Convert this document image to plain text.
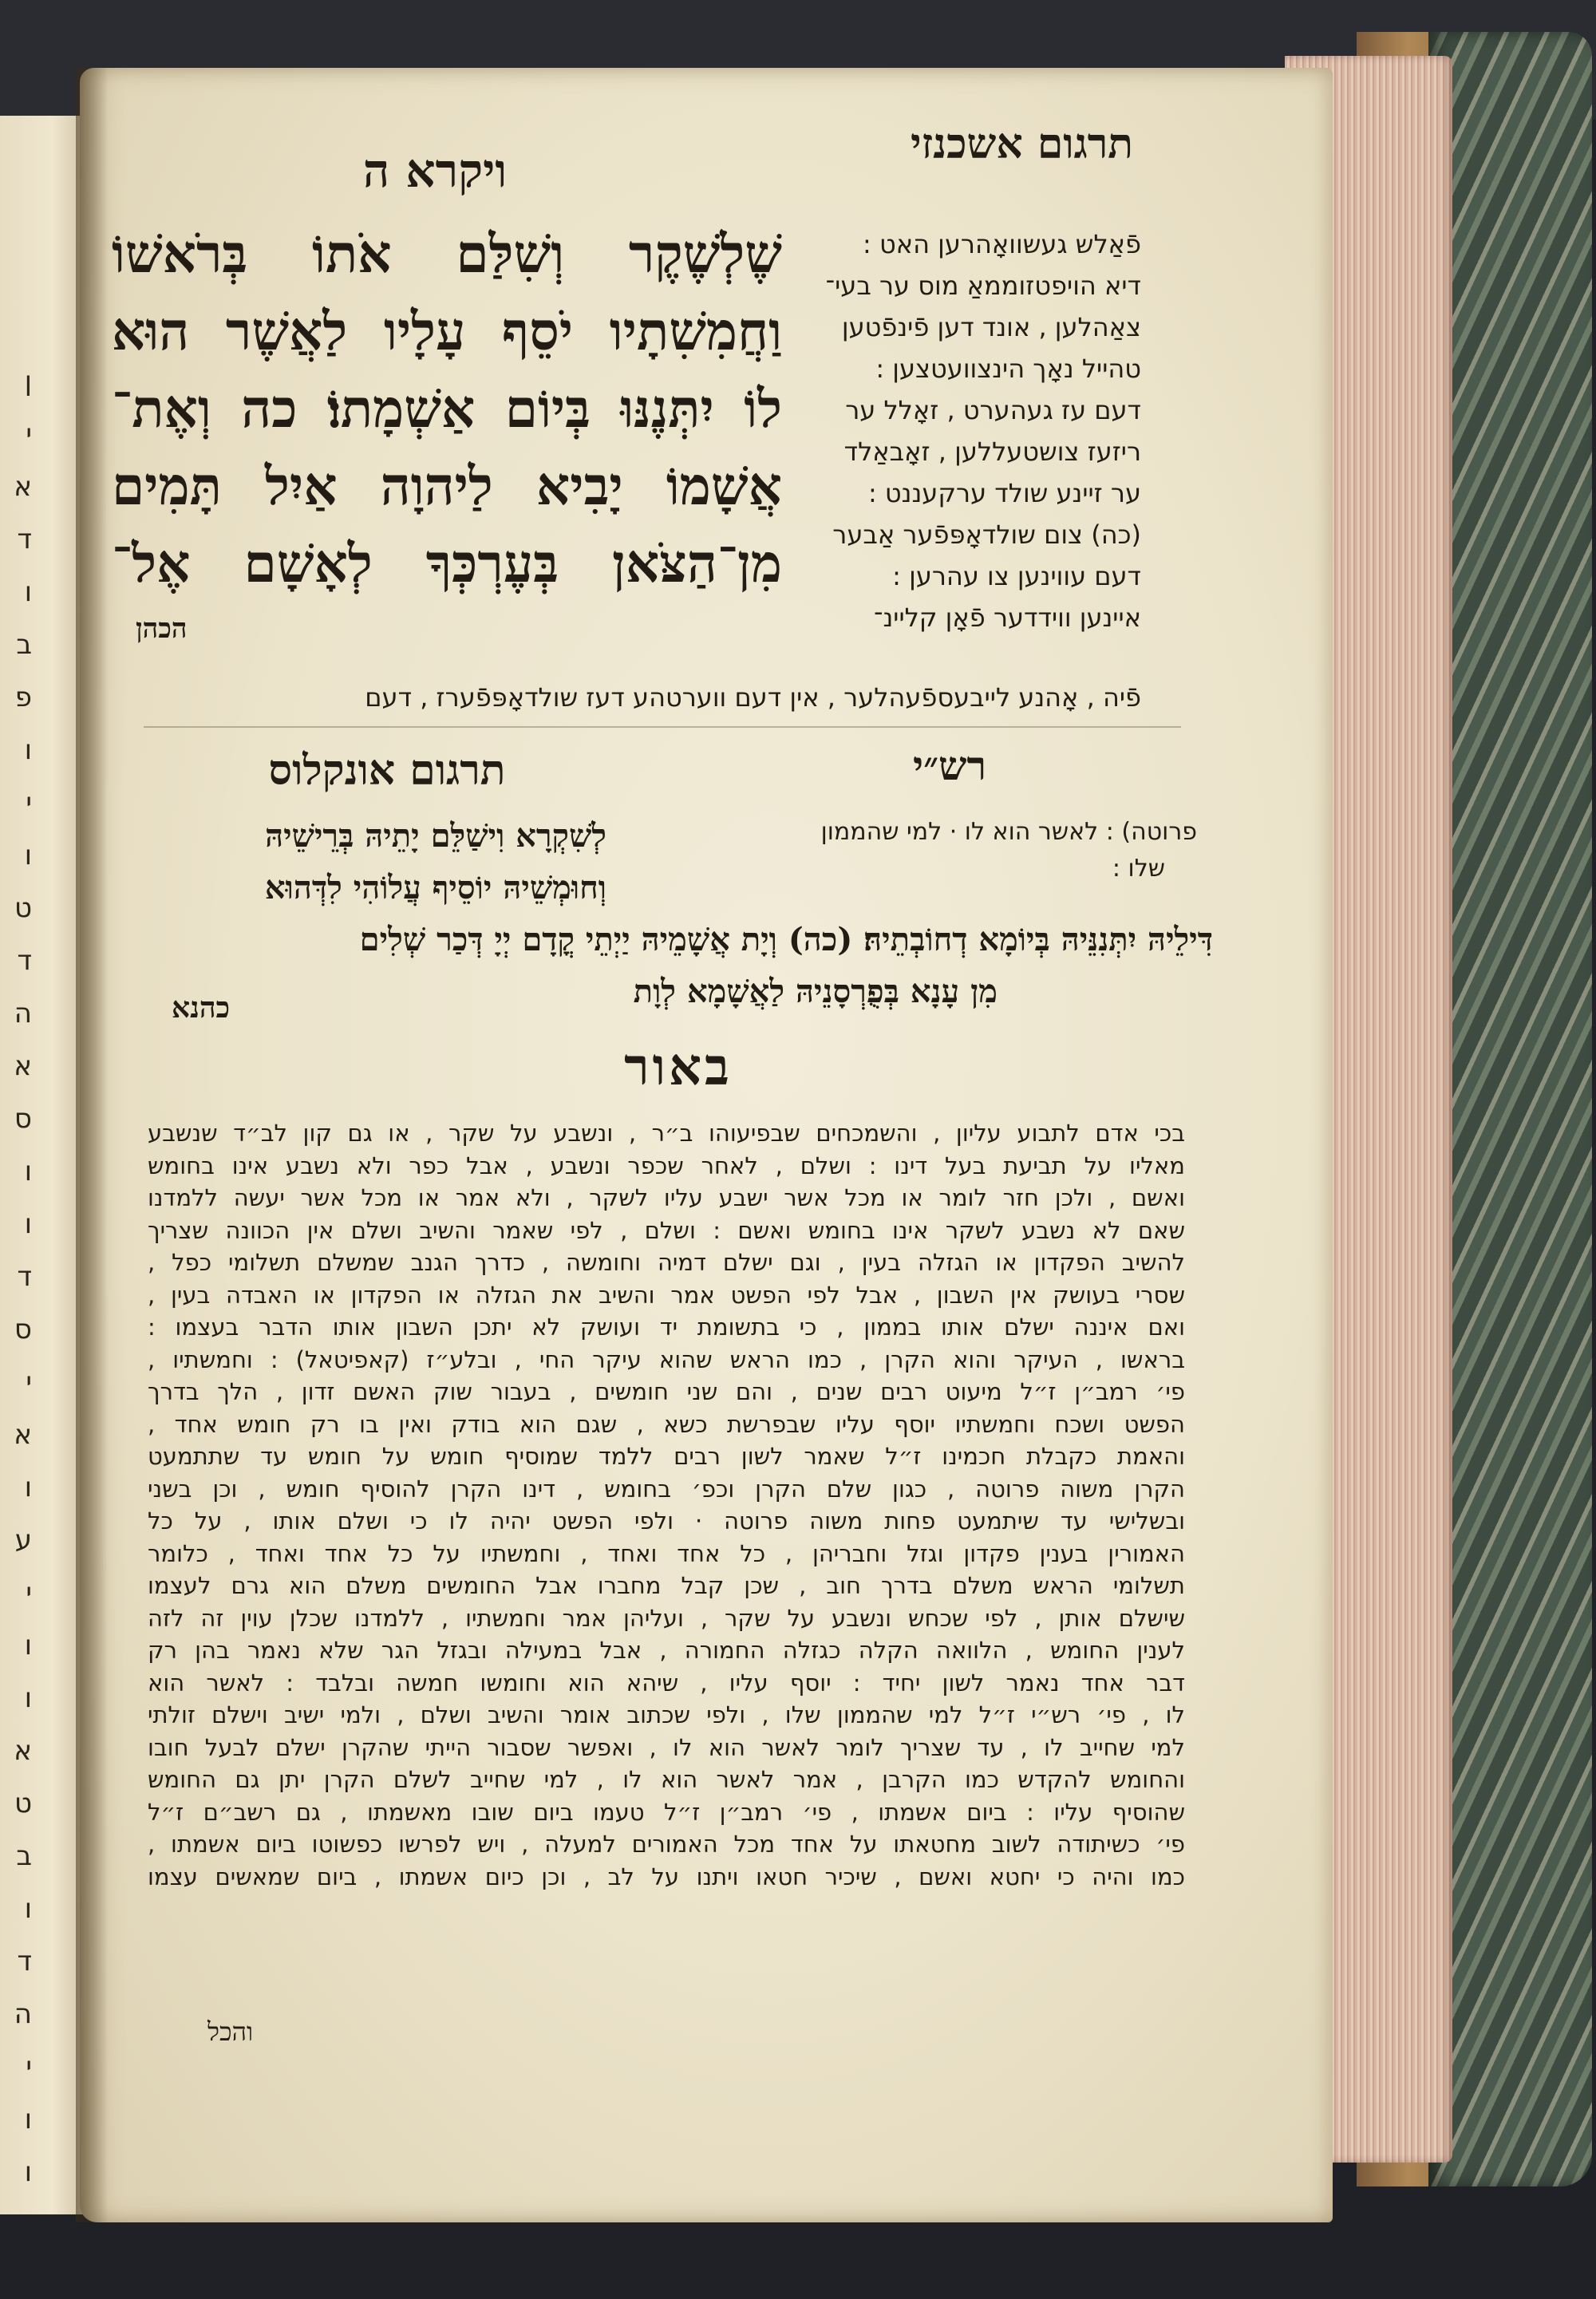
ן
י
א
ד
ו
ב
פ
ו
י
ו
ט
ד
ה
א
ס
ו
ו
ד
ס
י
א
ו
ע
י
ו
ו
א
ט
ב
ו
ד
ה
י
ו
ו
תרגום אשכנזי
ויקרא ה
שֶׁלְשֶׁקֶר וְשִׁלַּם אֹתוֹ בְּרֹאשׁוֹ
וַחֲמִשִׁתָיו יֹסֵף עָלָיו לַאֲשֶׁר הוּא
לוֹ יִתְּנֶנּוּ בְּיוֹם אַשְׁמָתוֹ׃ כה וְאֶת־
אֲשָׁמוֹ יָבִיא לַיהוָה אַיִל תָּמִים
מִן־הַצֹּאן בְּעֶרְכְּךָ לְאָשָׁם אֶל־
הכהן
פֿאַלש געשוואָהרען האט :
דיא הויפטזוממאַ מוס ער בעי־
צאַהלען , אונד דען פֿינפֿטען
טהייל נאָך הינצוועטצען :
דעם עז געהערט , זאָלל ער
ריזעז צושטעללען , זאָבאַלד
ער זיינע שולד ערקעננט :
(כה) צום שולדאָפּפֿער אַבער
דעם עווינען צו עהרען :
איינען ווידדער פֿאָן קליינ־
פֿיה , אָהנע לייבעספֿעהלער , אין דעם ווערטהע דעז שולדאָפּפֿערז , דעם
רש״י
תרגום אונקלוס
פרוטה) : לאשר הוא לו · למי שהממון
שלו :
לְשִׁקְרָא וִישַׁלֵּם יָתֵיהּ בְּרֵישֵׁיהּ
וְחוּמְשֵׁיהּ יוֹסֵיף עֲלוֹהִי לִדְּהוּא
דִּילֵיהּ יִתְּנִנֵּיהּ בְּיוֹמָא דְחוֹבְתֵיהּ׃ (כה) וְיָת אֲשָׁמֵיהּ יַיְתֵי קֳדָם יְיָ דְּכַר שְׁלִים
מִן עָנָא בְּפֻרְסָנֵיהּ לַאֲשָׁמָא לְוָת
כהנא
באור
בכי אדם לתבוע עליון , והשמכחים שבפיעוהו ב״ר , ונשבע על שקר , או גם קון לב״ד שנשבע
מאליו על תביעת בעל דינו : ושלם , לאחר שכפר ונשבע , אבל כפר ולא נשבע אינו בחומש
ואשם , ולכן חזר לומר או מכל אשר ישבע עליו לשקר , ולא אמר או מכל אשר יעשה ללמדנו
שאם לא נשבע לשקר אינו בחומש ואשם : ושלם , לפי שאמר והשיב ושלם אין הכוונה שצריך
להשיב הפקדון או הגזלה בעין , וגם ישלם דמיה וחומשה , כדרך הגנב שמשלם תשלומי כפל ,
שסרי בעושק אין השבון , אבל לפי הפשט אמר והשיב את הגזלה או הפקדון או האבדה בעין ,
ואם איננה ישלם אותו בממון , כי בתשומת יד ועושק לא יתכן השבון אותו הדבר בעצמו :
בראשו , העיקר והוא הקרן , כמו הראש שהוא עיקר החי , ובלע״ז (קאפיטאל) : וחמשתיו ,
פי׳ רמב״ן ז״ל מיעוט רבים שנים , והם שני חומשים , בעבור שוק האשם זדון , הלך בדרך
הפשט ושכח וחמשתיו יוסף עליו שבפרשת כשא , שגם הוא בודק ואין בו רק חומש אחד ,
והאמת כקבלת חכמינו ז״ל שאמר לשון רבים ללמד שמוסיף חומש על חומש עד שתתמעט
הקרן משוה פרוטה , כגון שלם הקרן וכפ׳ בחומש , דינו הקרן להוסיף חומש , וכן בשני
ובשלישי עד שיתמעט פחות משוה פרוטה · ולפי הפשט יהיה לו כי ושלם אותו , על כל
האמורין בענין פקדון וגזל וחבריהן , כל אחד ואחד , וחמשתיו על כל אחד ואחד , כלומר
תשלומי הראש משלם בדרך חוב , שכן קבל מחברו אבל החומשים משלם הוא גרם לעצמו
שישלם אותן , לפי שכחש ונשבע על שקר , ועליהן אמר וחמשתיו , ללמדנו שכלן עוין זה לזה
לענין החומש , הלוואה הקלה כגזלה החמורה , אבל במעילה ובגזל הגר שלא נאמר בהן רק
דבר אחד נאמר לשון יחיד : יוסף עליו , שיהא הוא וחומשו חמשה ובלבד : לאשר הוא
לו , פי׳ רש״י ז״ל למי שהממון שלו , ולפי שכתוב אומר והשיב ושלם , ולמי ישיב וישלם זולתי
למי שחייב לו , עד שצריך לומר לאשר הוא לו , ואפשר שסבור הייתי שהקרן ישלם לבעל חובו
והחומש להקדש כמו הקרבן , אמר לאשר הוא לו , למי שחייב לשלם הקרן יתן גם החומש
שהוסיף עליו : ביום אשמתו , פי׳ רמב״ן ז״ל טעמו ביום שובו מאשמתו , גם רשב״ם ז״ל
פי׳ כשיתודה לשוב מחטאתו על אחד מכל האמורים למעלה , ויש לפרשו כפשוטו ביום אשמתו ,
כמו והיה כי יחטא ואשם , שיכיר חטאו ויתנו על לב , וכן כיום אשמתו , ביום שמאשים עצמו
והכל
